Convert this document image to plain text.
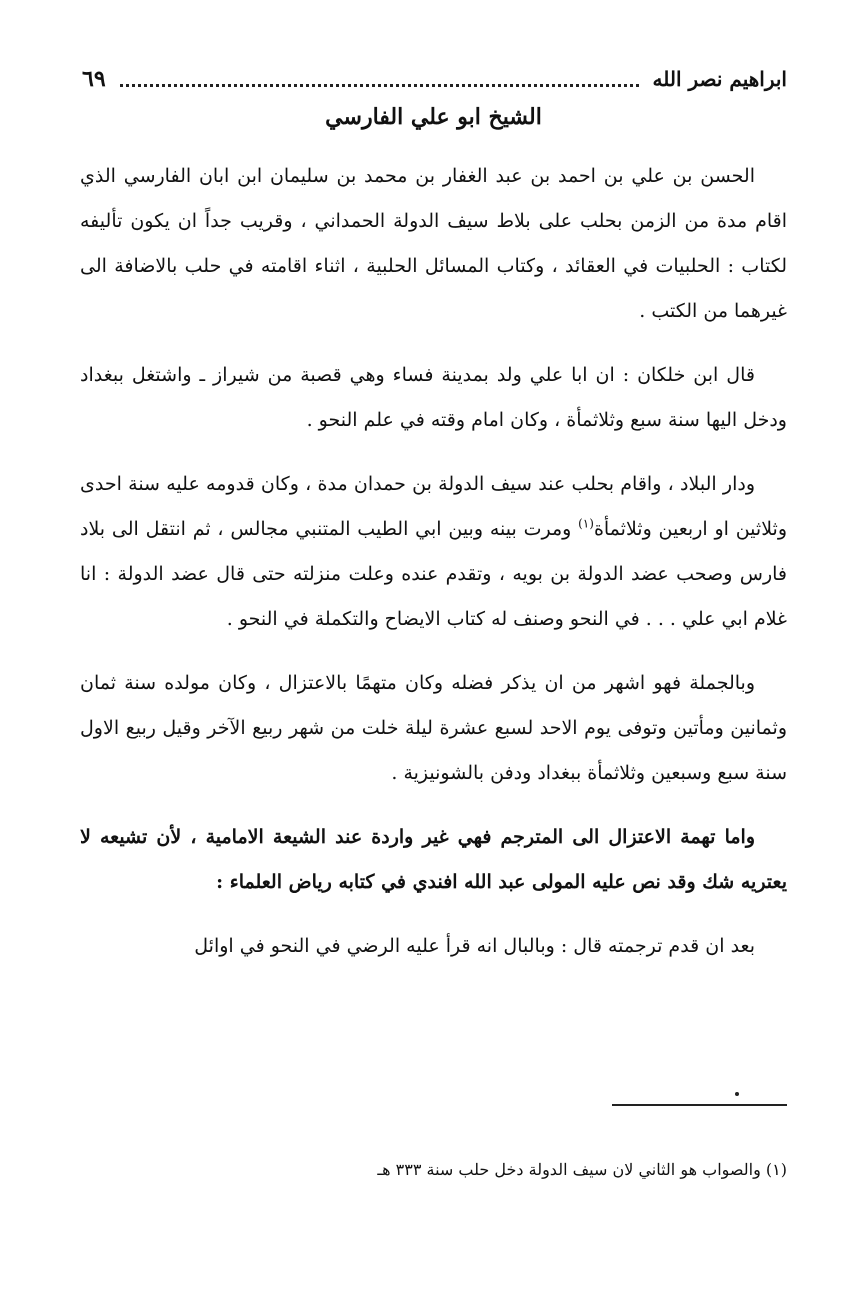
ابراهيم نصر الله
٦٩
الشيخ ابو علي الفارسي

الحسن بن علي بن احمد بن عبد الغفار بن محمد بن سليمان ابن ابان الفارسي الذي اقام مدة من الزمن بحلب على بلاط سيف الدولة الحمداني ، وقريب جداً ان يكون تأليفه لكتاب : الحلبيات في العقائد ، وكتاب المسائل الحلبية ، اثناء اقامته في حلب بالاضافة الى غيرهما من الكتب .

قال ابن خلكان : ان ابا علي ولد بمدينة فساء وهي قصبة من شيراز ـ واشتغل ببغداد ودخل اليها سنة سبع وثلاثمأة ، وكان امام وقته في علم النحو .

ودار البلاد ، واقام بحلب عند سيف الدولة بن حمدان مدة ، وكان قدومه عليه سنة احدى وثلاثين او اربعين وثلاثمأة$^{(١)}$ ومرت بينه وبين ابي الطيب المتنبي مجالس ، ثم انتقل الى بلاد فارس وصحب عضد الدولة بن بويه ، وتقدم عنده وعلت منزلته حتى قال عضد الدولة : انا غلام ابي علي . . . في النحو وصنف له كتاب الايضاح والتكملة في النحو .

وبالجملة فهو اشهر من ان يذكر فضله وكان متهمًا بالاعتزال ، وكان مولده سنة ثمان وثمانين ومأتين وتوفى يوم الاحد لسبع عشرة ليلة خلت من شهر ربيع الآخر وقيل ربيع الاول سنة سبع وسبعين وثلاثمأة ببغداد ودفن بالشونيزية .

واما تهمة الاعتزال الى المترجم فهي غير واردة عند الشيعة الامامية ، لأن تشيعه لا يعتريه شك وقد نص عليه المولى عبد الله افندي في كتابه رياض العلماء :

بعد ان قدم ترجمته قال : وبالبال انه قرأ عليه الرضي في النحو في اوائل

(١) والصواب هو الثاني لان سيف الدولة دخل حلب سنة ٣٣٣ هـ
